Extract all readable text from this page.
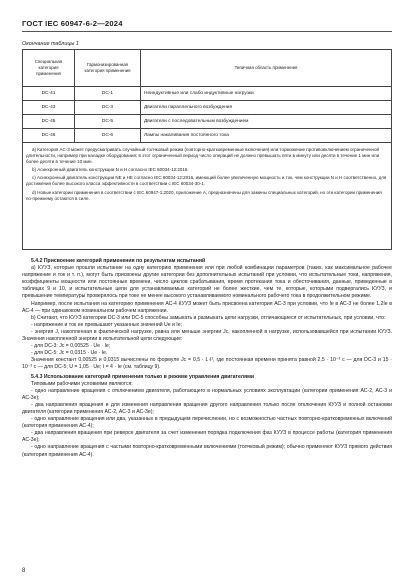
ГОСТ IEC 60947-6-2—2024
Окончание таблицы 1
Специальная категория применения	Гармонизированная категория применения	Типичная область применения
DC-41	DC-1	Неиндуктивные или слабо индуктивные нагрузки
DC-43	DC-3	Двигатели параллельного возбуждения
DC-45	DC-5	Двигатели с последовательным возбуждением
DC-46	DC-6	Лампы накаливания постоянного тока

а) Категория АС-3 может предусматривать случайный толчковый режим (повторно-кратковременные включения) или торможение противовключением ограниченной длительности, например при наладке оборудования; в этот ограниченный период число операций не должно превышать пяти в минуту или десяти в течение 1 мин или более десяти в течение 10 мин.

b) Асинхронный двигатель конструкции N и H согласно IEC 60034-12:2016.

c) Асинхронный двигатель конструкции NE и HE согласно IEC 60034-12:2016, имеющий более увеличенную мощность и ток, чем конструкции N и H соответственно, для достижения более высокого класса эффективности в соответствии с IEC 60034-30-1.

d) Новые категории применения в соответствии с IEC 60947-1:2020, приложение А, предназначены для замены специальных категорий, но эти категории применения по-прежнему остаются в силе.		

5.4.2 Присвоение категорий применения по результатам испытаний

а) КУУЗ, которые прошли испытание на одну категорию применения или при любой комбинации параметров (таких, как максимальное рабочее напряжение и ток и т. п.), могут быть присвоены другие категории без дополнительных испытаний при условии, что испытательные токи, напряжения, коэффициенты мощности или постоянные времени, число циклов срабатывания, время протекания тока и обесточивания, данные, приведенные в таблицах 9 и 10, и испытательные цепи для устанавливаемых категорий не более жесткие, чем те, которые, которыми подвергались КУУЗ, и превышение температуры проверялось при токе не менее высокого устанавливаемого номинального рабочего тока в продолжительном режиме.

Например, после испытания на категорию применения АС-4 КУУЗ может быть присвоена категория АС-3 при условии, что Iе в АС-3 не более 1,2Iе в АС-4 — при одинаковом номинальном рабочем напряжении.

b) Считают, что КУУЗ категории DC-3 или DC-5 способны замыкать и размыкать цепи нагрузки, отличающиеся от испытательных, при условии, что:

- напряжение и ток не превышают указанных значений Ue и Ie;

- энергия J, накопленная в фактической нагрузке, равна или меньше энергии Jc, накопленной в нагрузке, использовавшейся при испытании КУУЗ. Значения накопленной энергии в испытательной цепи следующие:

- для DC-3: Jc = 0,00525 · Ue · Ie;

- для DC-5: Jc = 0,0315 · Ue · Ie.

Значения констант 0,00525 и 0,0315 вычислены по формуле Jc = 0,5 · L·I², где постоянная времени принята равной 2,5 · 10⁻³ с — для DC-3 и 15 · 10⁻³ с — для DC-5; U = 1,05 · Ue; I = 4 · Ie (см. таблицу 9).

5.4.3 Использование категорий применения только в режиме управления двигателями

Типовыми рабочими условиями являются:

- одно направление вращения с отключением двигателя, работающего в нормальных условиях эксплуатации (категории применения АС-2, АС-3 и АС-3е);

- два направления вращения и для изменения направления вращения другого направления только после отключения КУУЗ и полной остановки двигателя (категории применения АС-2, АС-3 и АС-3е);

- одно направление вращения или два, указанных в предыдущем перечислении, но с возможностью частных повторно-кратковременных включений (категория применения АС-4);

- два направления вращения при реверсе двигателя за счет изменения порядка подключения фаз КУУЗ в процессе работы (категория применения АС-3е);

- одно направление вращения с частыми повторно-кратковременными включениями (толчковый режим); обычно применяют КУУЗ прямого действия (категория применения АС-4).

8
